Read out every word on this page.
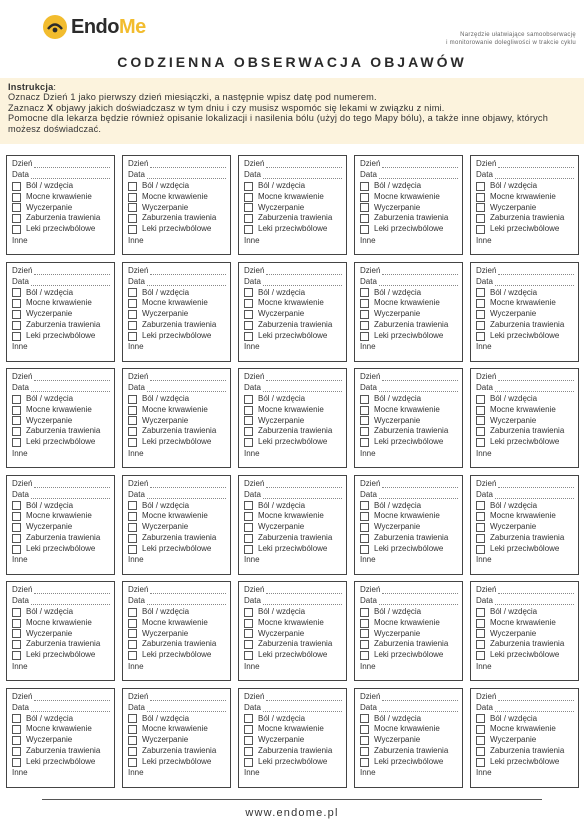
EndoMe	Narzędzie ułatwiające samoobserwację
i monitorowanie dolegliwości w trakcie cyklu
CODZIENNA OBSERWACJA OBJAWÓW

Instrukcja:

Oznacz Dzień 1 jako pierwszy dzień miesiączki, a następnie wpisz datę pod numerem.

Zaznacz X objawy jakich doświadczasz w tym dniu i czy musisz wspomóc się lekami w związku z nimi.

Pomocne dla lekarza będzie również opisanie lokalizacji i nasilenia bólu (użyj do tego Mapy bólu), a także inne objawy, których możesz doświadczać.

Dzień
Data
Ból / wzdęcia
Mocne krwawienie
Wyczerpanie
Zaburzenia trawienia
Leki przeciwbólowe
Inne
Dzień
Data
Ból / wzdęcia
Mocne krwawienie
Wyczerpanie
Zaburzenia trawienia
Leki przeciwbólowe
Inne
Dzień
Data
Ból / wzdęcia
Mocne krwawienie
Wyczerpanie
Zaburzenia trawienia
Leki przeciwbólowe
Inne
Dzień
Data
Ból / wzdęcia
Mocne krwawienie
Wyczerpanie
Zaburzenia trawienia
Leki przeciwbólowe
Inne
Dzień
Data
Ból / wzdęcia
Mocne krwawienie
Wyczerpanie
Zaburzenia trawienia
Leki przeciwbólowe
Inne
Dzień
Data
Ból / wzdęcia
Mocne krwawienie
Wyczerpanie
Zaburzenia trawienia
Leki przeciwbólowe
Inne
Dzień
Data
Ból / wzdęcia
Mocne krwawienie
Wyczerpanie
Zaburzenia trawienia
Leki przeciwbólowe
Inne
Dzień
Data
Ból / wzdęcia
Mocne krwawienie
Wyczerpanie
Zaburzenia trawienia
Leki przeciwbólowe
Inne
Dzień
Data
Ból / wzdęcia
Mocne krwawienie
Wyczerpanie
Zaburzenia trawienia
Leki przeciwbólowe
Inne
Dzień
Data
Ból / wzdęcia
Mocne krwawienie
Wyczerpanie
Zaburzenia trawienia
Leki przeciwbólowe
Inne
Dzień
Data
Ból / wzdęcia
Mocne krwawienie
Wyczerpanie
Zaburzenia trawienia
Leki przeciwbólowe
Inne
Dzień
Data
Ból / wzdęcia
Mocne krwawienie
Wyczerpanie
Zaburzenia trawienia
Leki przeciwbólowe
Inne
Dzień
Data
Ból / wzdęcia
Mocne krwawienie
Wyczerpanie
Zaburzenia trawienia
Leki przeciwbólowe
Inne
Dzień
Data
Ból / wzdęcia
Mocne krwawienie
Wyczerpanie
Zaburzenia trawienia
Leki przeciwbólowe
Inne
Dzień
Data
Ból / wzdęcia
Mocne krwawienie
Wyczerpanie
Zaburzenia trawienia
Leki przeciwbólowe
Inne
Dzień
Data
Ból / wzdęcia
Mocne krwawienie
Wyczerpanie
Zaburzenia trawienia
Leki przeciwbólowe
Inne
Dzień
Data
Ból / wzdęcia
Mocne krwawienie
Wyczerpanie
Zaburzenia trawienia
Leki przeciwbólowe
Inne
Dzień
Data
Ból / wzdęcia
Mocne krwawienie
Wyczerpanie
Zaburzenia trawienia
Leki przeciwbólowe
Inne
Dzień
Data
Ból / wzdęcia
Mocne krwawienie
Wyczerpanie
Zaburzenia trawienia
Leki przeciwbólowe
Inne
Dzień
Data
Ból / wzdęcia
Mocne krwawienie
Wyczerpanie
Zaburzenia trawienia
Leki przeciwbólowe
Inne
Dzień
Data
Ból / wzdęcia
Mocne krwawienie
Wyczerpanie
Zaburzenia trawienia
Leki przeciwbólowe
Inne
Dzień
Data
Ból / wzdęcia
Mocne krwawienie
Wyczerpanie
Zaburzenia trawienia
Leki przeciwbólowe
Inne
Dzień
Data
Ból / wzdęcia
Mocne krwawienie
Wyczerpanie
Zaburzenia trawienia
Leki przeciwbólowe
Inne
Dzień
Data
Ból / wzdęcia
Mocne krwawienie
Wyczerpanie
Zaburzenia trawienia
Leki przeciwbólowe
Inne
Dzień
Data
Ból / wzdęcia
Mocne krwawienie
Wyczerpanie
Zaburzenia trawienia
Leki przeciwbólowe
Inne
Dzień
Data
Ból / wzdęcia
Mocne krwawienie
Wyczerpanie
Zaburzenia trawienia
Leki przeciwbólowe
Inne
Dzień
Data
Ból / wzdęcia
Mocne krwawienie
Wyczerpanie
Zaburzenia trawienia
Leki przeciwbólowe
Inne
Dzień
Data
Ból / wzdęcia
Mocne krwawienie
Wyczerpanie
Zaburzenia trawienia
Leki przeciwbólowe
Inne
Dzień
Data
Ból / wzdęcia
Mocne krwawienie
Wyczerpanie
Zaburzenia trawienia
Leki przeciwbólowe
Inne
Dzień
Data
Ból / wzdęcia
Mocne krwawienie
Wyczerpanie
Zaburzenia trawienia
Leki przeciwbólowe
Inne
www.endome.pl
